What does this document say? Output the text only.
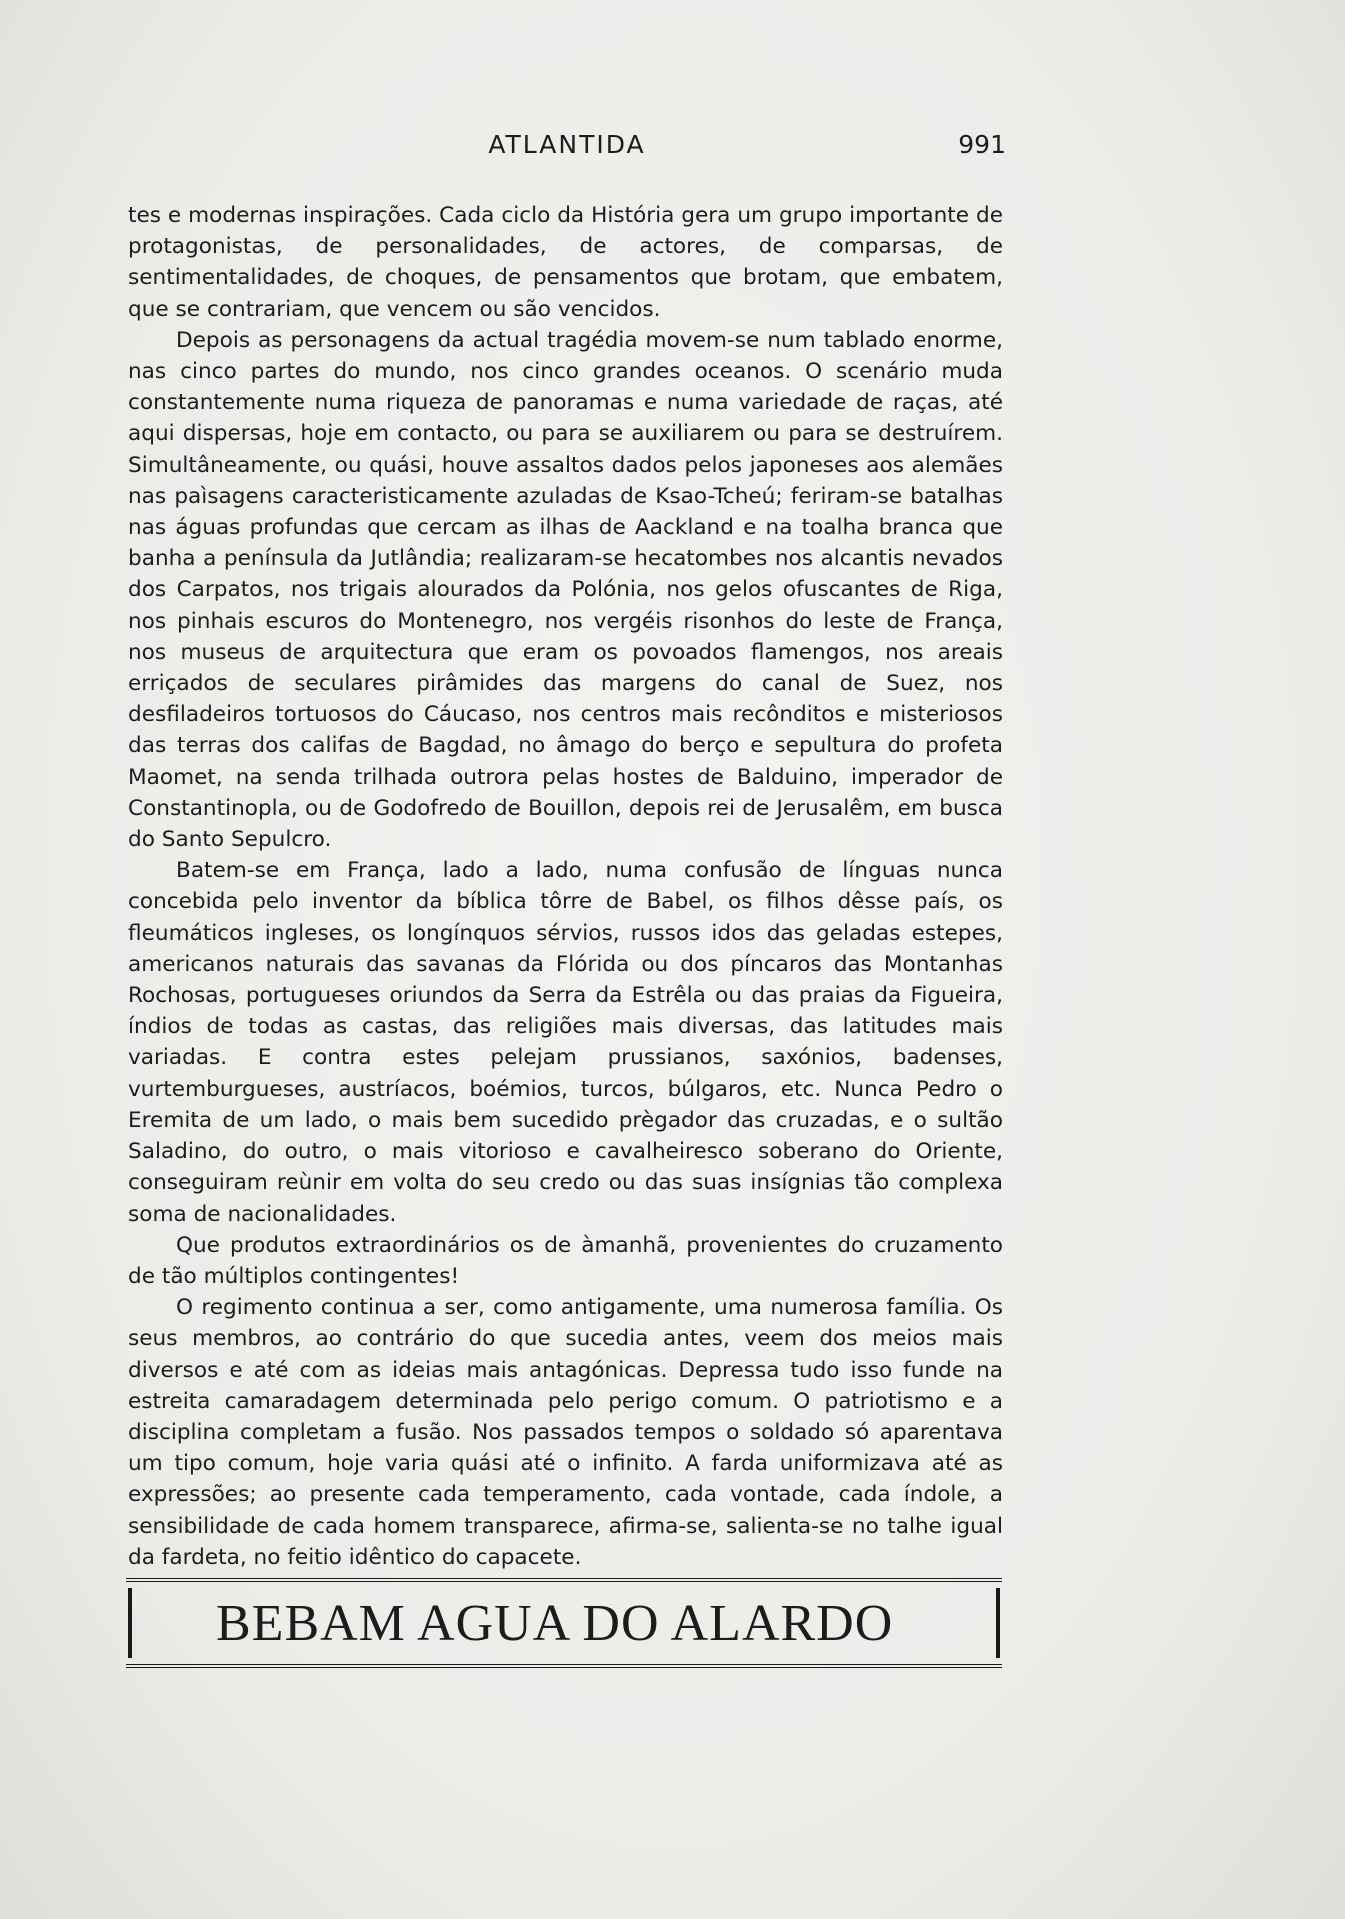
ATLANTIDA	991

tes e modernas inspirações. Cada ciclo da História gera um grupo importante de protagonistas, de personalidades, de actores, de comparsas, de sentimentalidades, de choques, de pensamentos que brotam, que embatem, que se contrariam, que vencem ou são vencidos.

Depois as personagens da actual tragédia movem-se num tablado enorme, nas cinco partes do mundo, nos cinco grandes oceanos. O scenário muda constantemente numa riqueza de panoramas e numa variedade de raças, até aqui dispersas, hoje em contacto, ou para se auxiliarem ou para se destruírem. Simultâneamente, ou quási, houve assaltos dados pelos japoneses aos alemães nas paìsagens caracteristicamente azuladas de Ksao-Tcheú; feriram-se batalhas nas águas profundas que cercam as ilhas de Aackland e na toalha branca que banha a península da Jutlândia; realizaram-se hecatombes nos alcantis nevados dos Carpatos, nos trigais alourados da Polónia, nos gelos ofuscantes de Riga, nos pinhais escuros do Montenegro, nos vergéis risonhos do leste de França, nos museus de arquitectura que eram os povoados flamengos, nos areais erriçados de seculares pirâmides das margens do canal de Suez, nos desfiladeiros tortuosos do Cáucaso, nos centros mais recônditos e misteriosos das terras dos califas de Bagdad, no âmago do berço e sepultura do profeta Maomet, na senda trilhada outrora pelas hostes de Balduino, imperador de Constantinopla, ou de Godofredo de Bouillon, depois rei de Jerusalêm, em busca do Santo Sepulcro.

Batem-se em França, lado a lado, numa confusão de línguas nunca concebida pelo inventor da bíblica tôrre de Babel, os filhos dêsse país, os fleumáticos ingleses, os longínquos sérvios, russos idos das geladas estepes, americanos naturais das savanas da Flórida ou dos píncaros das Montanhas Rochosas, portugueses oriundos da Serra da Estrêla ou das praias da Figueira, índios de todas as castas, das religiões mais diversas, das latitudes mais variadas. E contra estes pelejam prussianos, saxónios, badenses, vurtemburgueses, austríacos, boémios, turcos, búlgaros, etc. Nunca Pedro o Eremita de um lado, o mais bem sucedido prègador das cruzadas, e o sultão Saladino, do outro, o mais vitorioso e cavalheiresco soberano do Oriente, conseguiram reùnir em volta do seu credo ou das suas insígnias tão complexa soma de nacionalidades.

Que produtos extraordinários os de àmanhã, provenientes do cruzamento de tão múltiplos contingentes!

O regimento continua a ser, como antigamente, uma numerosa família. Os seus membros, ao contrário do que sucedia antes, veem dos meios mais diversos e até com as ideias mais antagónicas. Depressa tudo isso funde na estreita camaradagem determinada pelo perigo comum. O patriotismo e a disciplina completam a fusão. Nos passados tempos o soldado só aparentava um tipo comum, hoje varia quási até o infinito. A farda uniformizava até as expressões; ao presente cada temperamento, cada vontade, cada índole, a sensibilidade de cada homem transparece, afirma-se, salienta-se no talhe igual da fardeta, no feitio idêntico do capacete.

BEBAM AGUA DO ALARDO
